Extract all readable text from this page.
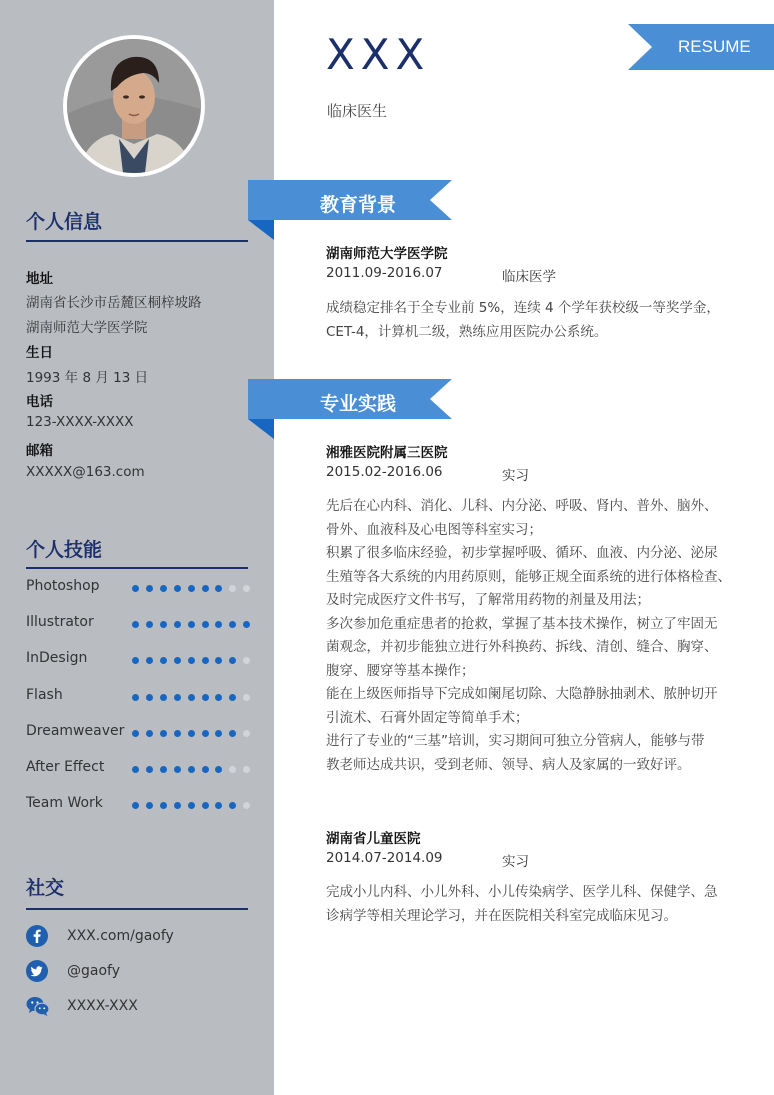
个人信息
地址
湖南省长沙市岳麓区桐梓坡路
湖南师范大学医学院
生日
1993 年 8 月 13 日
电话
123-XXXX-XXXX
邮箱
XXXXX@163.com
个人技能
Photoshop
Illustrator
InDesign
Flash
Dreamweaver
After Effect
Team Work
社交
XXX.com/gaofy
@gaofy
XXXX-XXX
XXX
临床医生
RESUME
教育背景
湖南师范大学医学院
2011.09-2016.07	临床医学
成绩稳定排名于全专业前 5%，连续 4 个学年获校级一等奖学金，
CET-4，计算机二级，熟练应用医院办公系统。
专业实践
湘雅医院附属三医院
2015.02-2016.06	实习
先后在心内科、消化、儿科、内分泌、呼吸、肾内、普外、脑外、
骨外、血液科及心电图等科室实习；
积累了很多临床经验，初步掌握呼吸、循环、血液、内分泌、泌尿
生殖等各大系统的内用药原则，能够正规全面系统的进行体格检查、
及时完成医疗文件书写，了解常用药物的剂量及用法；
多次参加危重症患者的抢救，掌握了基本技术操作，树立了牢固无
菌观念，并初步能独立进行外科换药、拆线、清创、缝合、胸穿、
腹穿、腰穿等基本操作；
能在上级医师指导下完成如阑尾切除、大隐静脉抽剥术、脓肿切开
引流术、石膏外固定等简单手术；
进行了专业的“三基”培训，实习期间可独立分管病人，能够与带
教老师达成共识，受到老师、领导、病人及家属的一致好评。
湖南省儿童医院
2014.07-2014.09	实习
完成小儿内科、小儿外科、小儿传染病学、医学儿科、保健学、急
诊病学等相关理论学习，并在医院相关科室完成临床见习。
